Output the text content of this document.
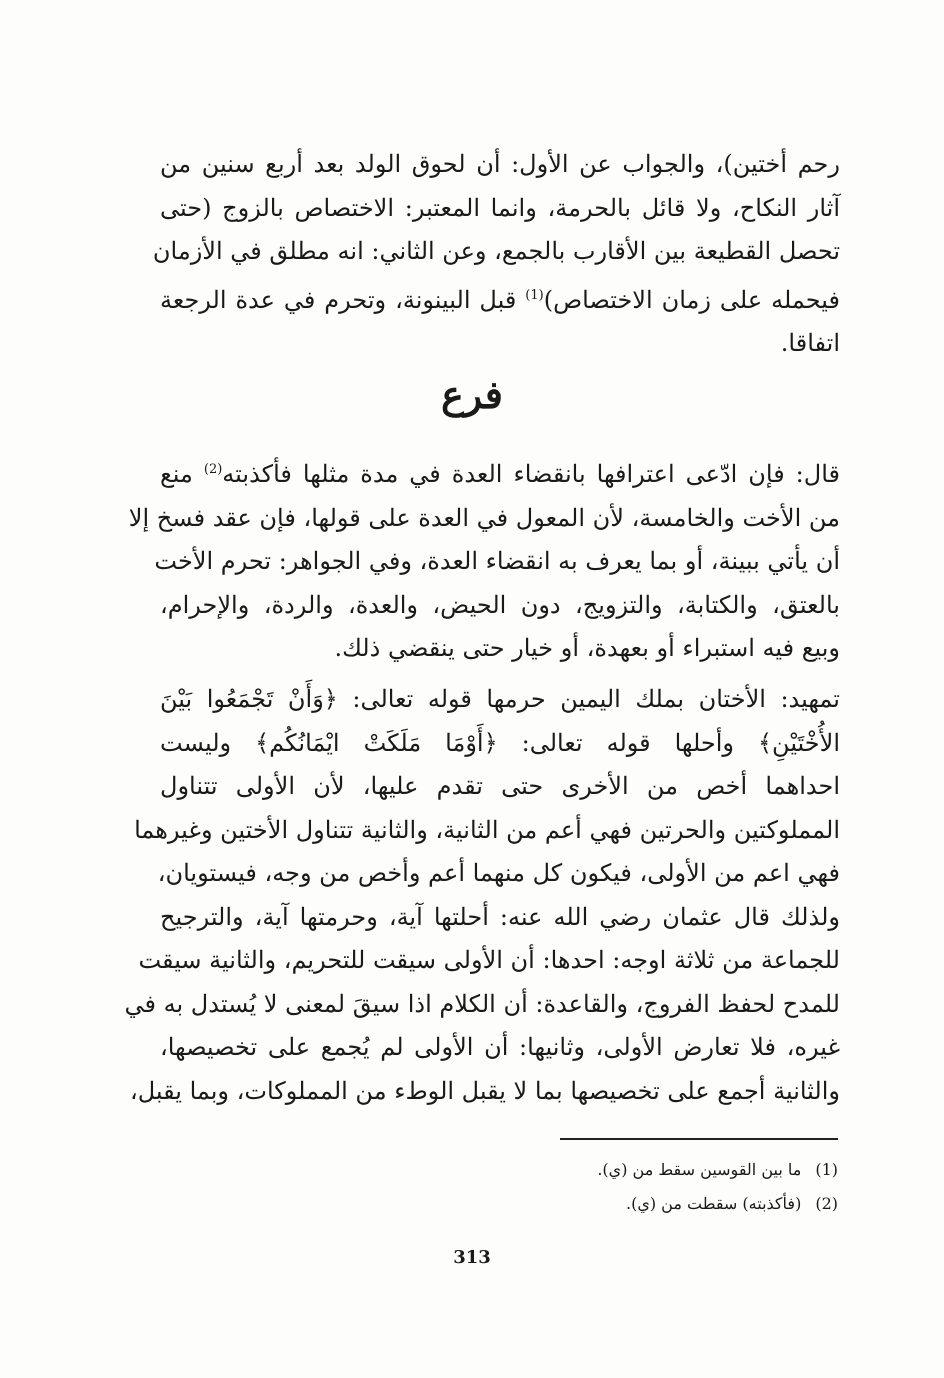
رحم أختين)، والجواب عن الأول: أن لحوق الولد بعد أربع سنين من
آثار النكاح، ولا قائل بالحرمة، وانما المعتبر: الاختصاص بالزوج (حتى
تحصل القطيعة بين الأقارب بالجمع، وعن الثاني: انه مطلق في الأزمان
فيحمله على زمان الاختصاص)$^{(1)}$ قبل البينونة، وتحرم في عدة الرجعة
اتفاقا.
فرع
قال: فإن ادّعى اعترافها بانقضاء العدة في مدة مثلها فأكذبته$^{(2)}$ منع
من الأخت والخامسة، لأن المعول في العدة على قولها، فإن عقد فسخ إلا
أن يأتي ببينة، أو بما يعرف به انقضاء العدة، وفي الجواهر: تحرم الأخت
بالعتق، والكتابة، والتزويج، دون الحيض، والعدة، والردة، والإحرام،
وبيع فيه استبراء أو بعهدة، أو خيار حتى ينقضي ذلك.
تمهيد: الأختان بملك اليمين حرمها قوله تعالى: ﴿وَأَنْ تَجْمَعُوا بَيْنَ
الأُخْتَيْنِ﴾ وأحلها قوله تعالى: ﴿أَوْمَا مَلَكَتْ ايْمَانُكُم﴾ وليست
احداهما أخص من الأخرى حتى تقدم عليها، لأن الأولى تتناول
المملوكتين والحرتين فهي أعم من الثانية، والثانية تتناول الأختين وغيرهما
فهي اعم من الأولى، فيكون كل منهما أعم وأخص من وجه، فيستويان،
ولذلك قال عثمان رضي الله عنه: أحلتها آية، وحرمتها آية، والترجيح
للجماعة من ثلاثة اوجه: احدها: أن الأولى سيقت للتحريم، والثانية سيقت
للمدح لحفظ الفروج، والقاعدة: أن الكلام اذا سيقَ لمعنى لا يُستدل به في
غيره، فلا تعارض الأولى، وثانيها: أن الأولى لم يُجمع على تخصيصها،
والثانية أجمع على تخصيصها بما لا يقبل الوطء من المملوكات، وبما يقبل،
(1)ما بين القوسين سقط من (ي).
(2)(فأكذبته) سقطت من (ي).
313
